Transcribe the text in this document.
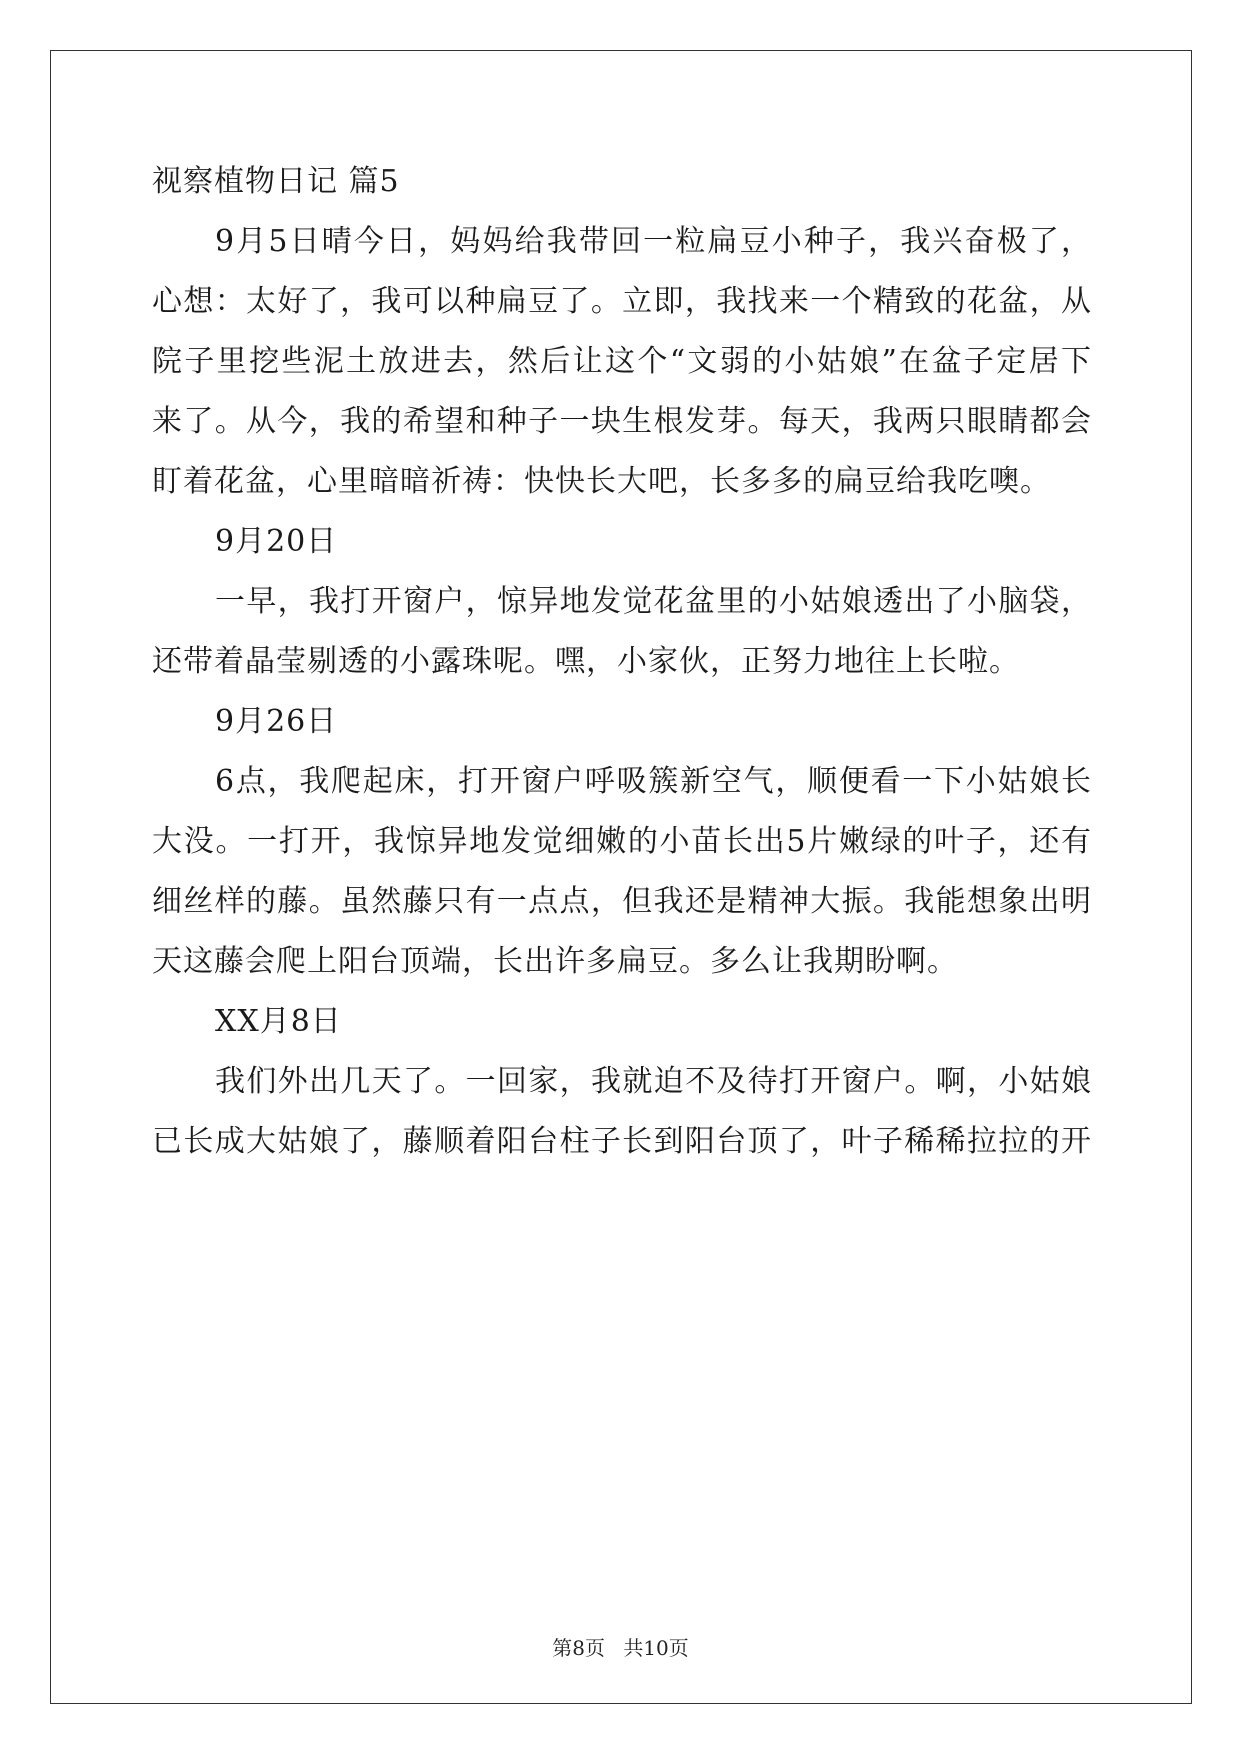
视察植物日记 篇5
9月5日晴今日，妈妈给我带回一粒扁豆小种子，我兴奋极了，
心想：太好了，我可以种扁豆了。立即，我找来一个精致的花盆，从
院子里挖些泥土放进去，然后让这个“文弱的小姑娘”在盆子定居下
来了。从今，我的希望和种子一块生根发芽。每天，我两只眼睛都会
盯着花盆，心里暗暗祈祷：快快长大吧，长多多的扁豆给我吃噢。
9月20日
一早，我打开窗户，惊异地发觉花盆里的小姑娘透出了小脑袋，
还带着晶莹剔透的小露珠呢。嘿，小家伙，正努力地往上长啦。
9月26日
6点，我爬起床，打开窗户呼吸簇新空气，顺便看一下小姑娘长
大没。一打开，我惊异地发觉细嫩的小苗长出5片嫩绿的叶子，还有
细丝样的藤。虽然藤只有一点点，但我还是精神大振。我能想象出明
天这藤会爬上阳台顶端，长出许多扁豆。多么让我期盼啊。
XX月8日
我们外出几天了。一回家，我就迫不及待打开窗户。啊，小姑娘
已长成大姑娘了，藤顺着阳台柱子长到阳台顶了，叶子稀稀拉拉的开
第8页 共10页
